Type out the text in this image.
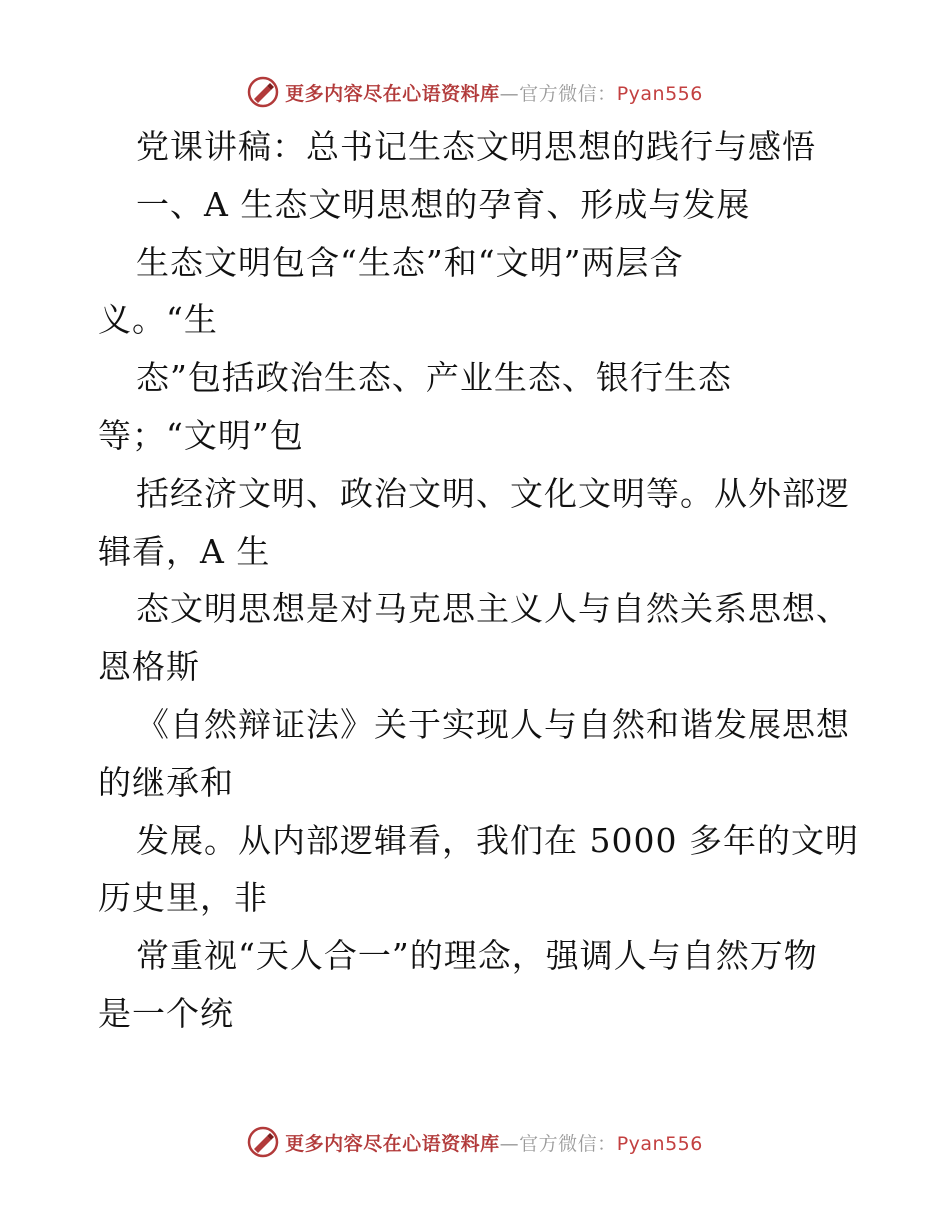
更多内容尽在心语资料库—官方微信：Pyan556
党课讲稿：总书记生态文明思想的践行与感悟
一、A 生态文明思想的孕育、形成与发展
生态文明包含“生态”和“文明”两层含
义。“生
态”包括政治生态、产业生态、银行生态
等；“文明”包
括经济文明、政治文明、文化文明等。从外部逻
辑看，A 生
态文明思想是对马克思主义人与自然关系思想、
恩格斯
《自然辩证法》关于实现人与自然和谐发展思想
的继承和
发展。从内部逻辑看，我们在 5000 多年的文明
历史里，非
常重视“天人合一”的理念，强调人与自然万物
是一个统
更多内容尽在心语资料库—官方微信：Pyan556
